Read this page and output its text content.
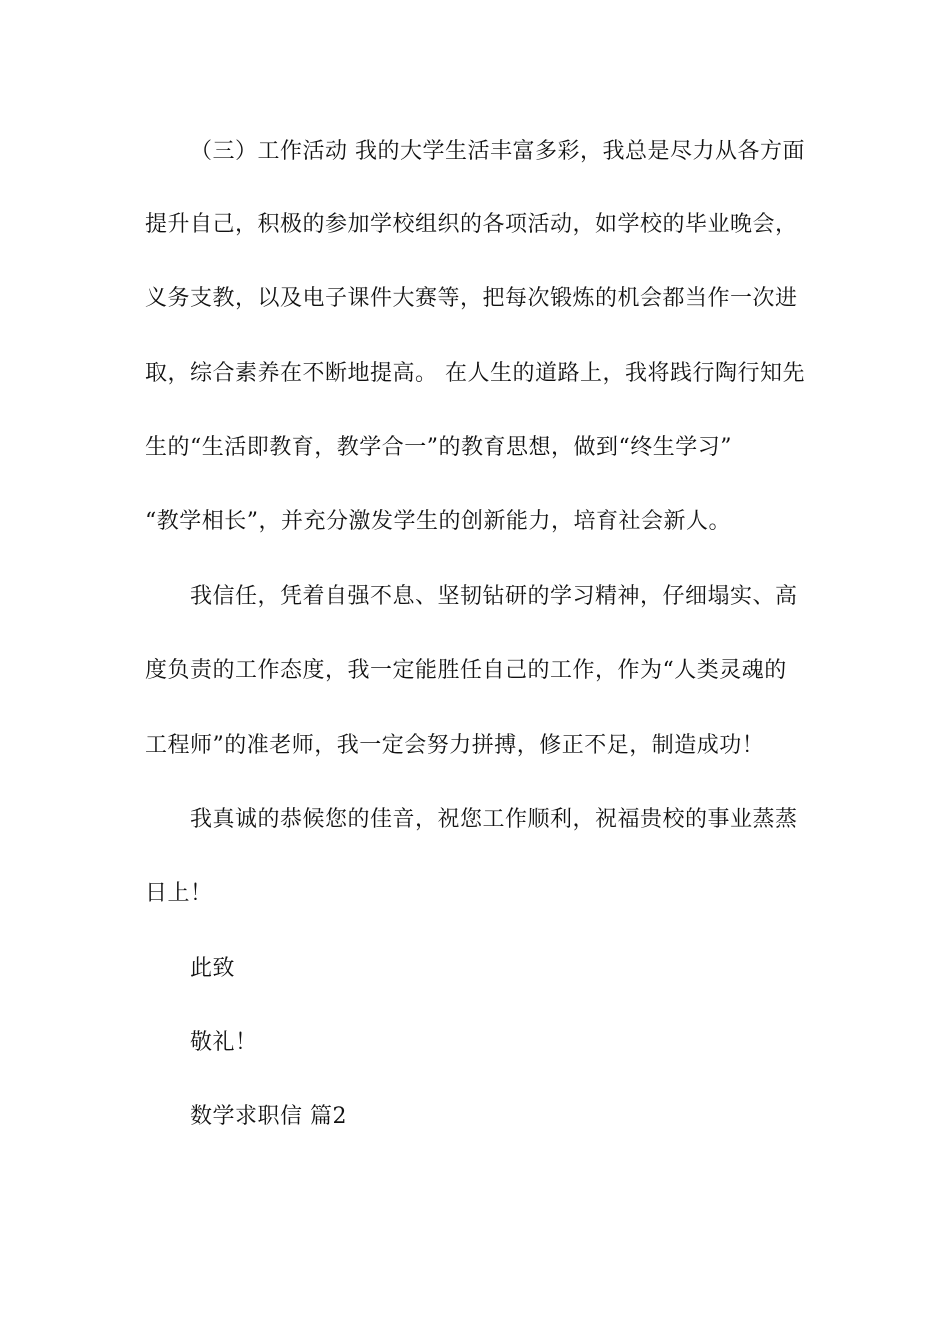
（三）工作活动 我的大学生活丰富多彩，我总是尽力从各方面
提升自己，积极的参加学校组织的各项活动，如学校的毕业晚会，
义务支教，以及电子课件大赛等，把每次锻炼的机会都当作一次进
取，综合素养在不断地提高。 在人生的道路上，我将践行陶行知先
生的“生活即教育，教学合一”的教育思想，做到“终生学习”
“教学相长”，并充分激发学生的创新能力，培育社会新人。
我信任，凭着自强不息、坚韧钻研的学习精神，仔细塌实、高
度负责的工作态度，我一定能胜任自己的工作，作为“人类灵魂的
工程师”的准老师，我一定会努力拼搏，修正不足，制造成功！
我真诚的恭候您的佳音，祝您工作顺利，祝福贵校的事业蒸蒸
日上！
此致
敬礼！
数学求职信 篇2
